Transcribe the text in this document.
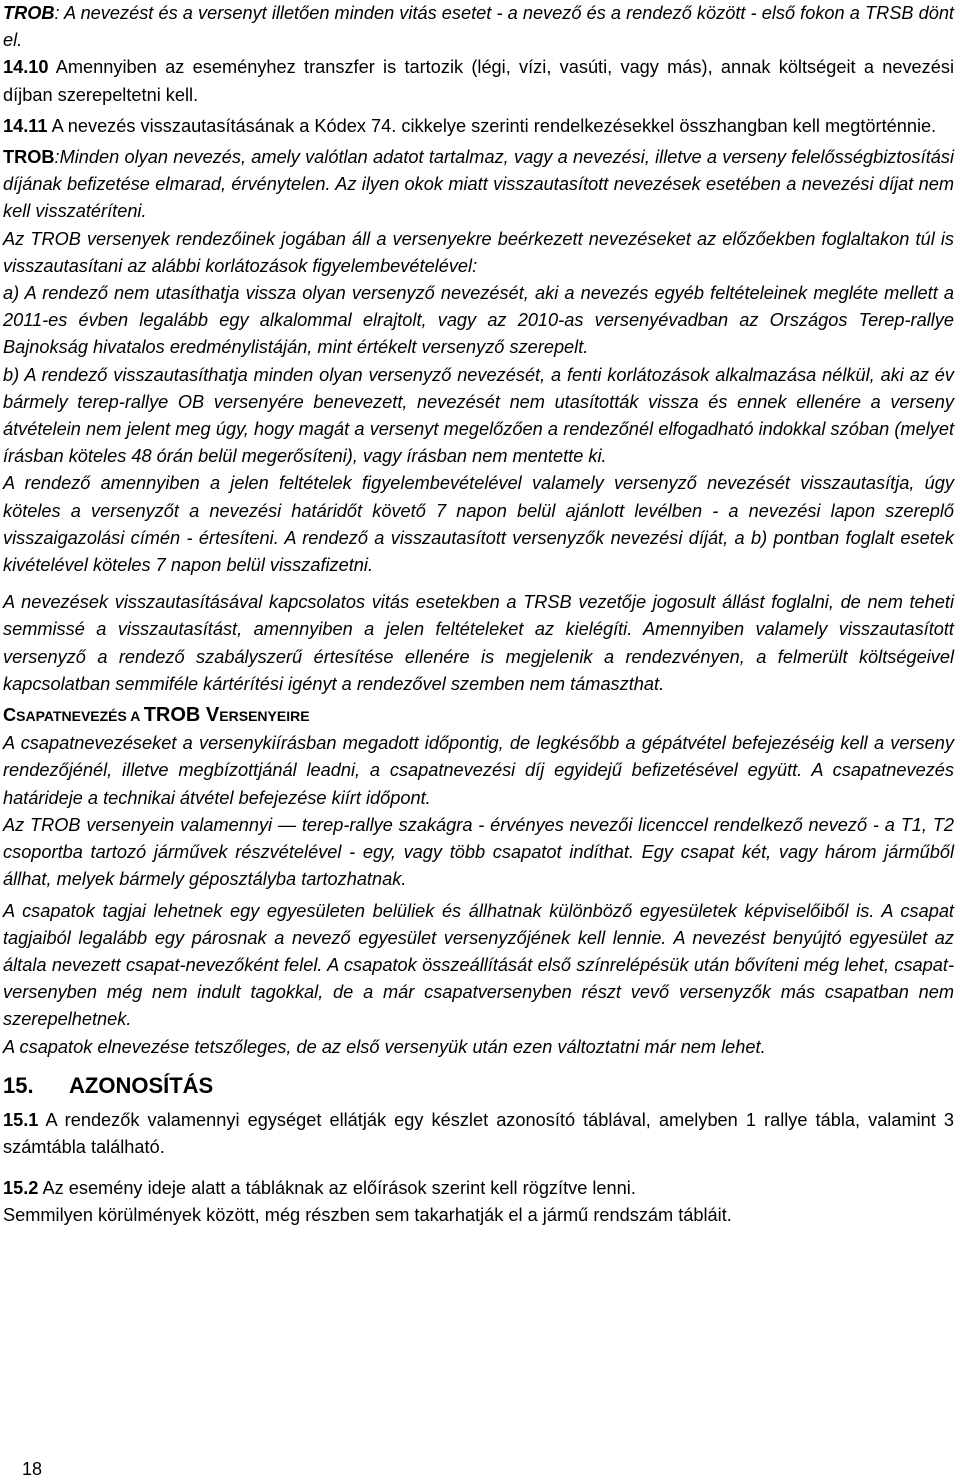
TROB: A nevezést és a versenyt illetően minden vitás esetet - a nevező és a rendező között - első fokon a TRSB dönt el.

14.10 Amennyiben az eseményhez transzfer is tartozik (légi, vízi, vasúti, vagy más), annak költségeit a nevezési díjban szerepeltetni kell.

14.11 A nevezés visszautasításának a Kódex 74. cikkelye szerinti rendelkezésekkel összhangban kell megtörténnie.

TROB:Minden olyan nevezés, amely valótlan adatot tartalmaz, vagy a nevezési, illetve a verseny felelősségbiztosítási díjának befizetése elmarad, érvénytelen. Az ilyen okok miatt visszautasított nevezések esetében a nevezési díjat nem kell visszatéríteni.

Az TROB versenyek rendezőinek jogában áll a versenyekre beérkezett nevezéseket az előzőekben foglaltakon túl is visszautasítani az alábbi korlátozások figyelembevételével:

a) A rendező nem utasíthatja vissza olyan versenyző nevezését, aki a nevezés egyéb feltételeinek megléte mellett a 2011-es évben legalább egy alkalommal elrajtolt, vagy az 2010-as versenyévadban az Országos Terep-rallye Bajnokság hivatalos eredménylistáján, mint értékelt versenyző szerepelt.

b) A rendező visszautasíthatja minden olyan versenyző nevezését, a fenti korlátozások alkalmazása nélkül, aki az év bármely terep-rallye OB versenyére benevezett, nevezését nem utasították vissza és ennek ellenére a verseny átvételein nem jelent meg úgy, hogy magát a versenyt megelőzően a rendezőnél elfogadható indokkal szóban (melyet írásban köteles 48 órán belül megerősíteni), vagy írásban nem mentette ki.

A rendező amennyiben a jelen feltételek figyelembevételével valamely versenyző nevezését visszautasítja, úgy köteles a versenyzőt a nevezési határidőt követő 7 napon belül ajánlott levélben - a nevezési lapon szereplő visszaigazolási címén - értesíteni. A rendező a visszautasított versenyzők nevezési díját, a b) pontban foglalt esetek kivételével köteles 7 napon belül visszafizetni.

A nevezések visszautasításával kapcsolatos vitás esetekben a TRSB vezetője jogosult állást foglalni, de nem teheti semmissé a visszautasítást, amennyiben a jelen feltételeket az kielégíti. Amennyiben valamely visszautasított versenyző a rendező szabályszerű értesítése ellenére is megjelenik a rendezvényen, a felmerült költségeivel kapcsolatban semmiféle kártérítési igényt a rendezővel szemben nem támaszthat.

CSAPATNEVEZÉS A TROB VERSENYEIRE

A csapatnevezéseket a versenykiírásban megadott időpontig, de legkésőbb a gépátvétel befejezéséig kell a verseny rendezőjénél, illetve megbízottjánál leadni, a csapatnevezési díj egyidejű befizetésével együtt. A csapatnevezés határideje a technikai átvétel befejezése kiírt időpont.

Az TROB versenyein valamennyi — terep-rallye szakágra - érvényes nevezői licenccel rendelkező nevező - a T1, T2 csoportba tartozó járművek részvételével - egy, vagy több csapatot indíthat. Egy csapat két, vagy három járműből állhat, melyek bármely géposztályba tartozhatnak.

A csapatok tagjai lehetnek egy egyesületen belüliek és állhatnak különböző egyesületek képviselőiből is. A csapat tagjaiból legalább egy párosnak a nevező egyesület versenyzőjének kell lennie. A nevezést benyújtó egyesület az általa nevezett csapat-nevezőként felel. A csapatok összeállítását első színrelépésük után bővíteni még lehet, csapat-versenyben még nem indult tagokkal, de a már csapatversenyben részt vevő versenyzők más csapatban nem szerepelhetnek.

A csapatok elnevezése tetszőleges, de az első versenyük után ezen változtatni már nem lehet.

15. AZONOSÍTÁS

15.1 A rendezők valamennyi egységet ellátják egy készlet azonosító táblával, amelyben 1 rallye tábla, valamint 3 számtábla található.

15.2 Az esemény ideje alatt a tábláknak az előírások szerint kell rögzítve lenni.

Semmilyen körülmények között, még részben sem takarhatják el a jármű rendszám tábláit.

18
